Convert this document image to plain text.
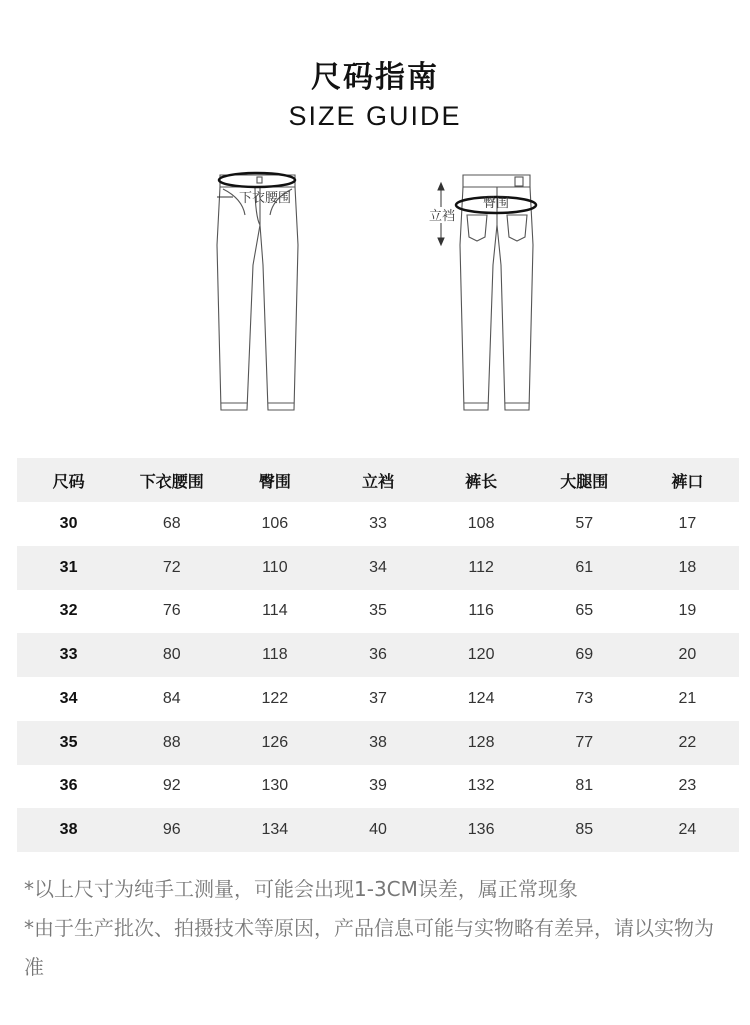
尺码指南
SIZE GUIDE
下衣腰围	臀围
立裆
尺码	下衣腰围	臀围	立裆	裤长	大腿围	裤口
30	68	106	33	108	57	17
31	72	110	34	112	61	18
32	76	114	35	116	65	19
33	80	118	36	120	69	20
34	84	122	37	124	73	21
35	88	126	38	128	77	22
36	92	130	39	132	81	23
38	96	134	40	136	85	24

*以上尺寸为纯手工测量，可能会出现1-3CM误差，属正常现象

*由于生产批次、拍摄技术等原因，产品信息可能与实物略有差异，请以实物为准
